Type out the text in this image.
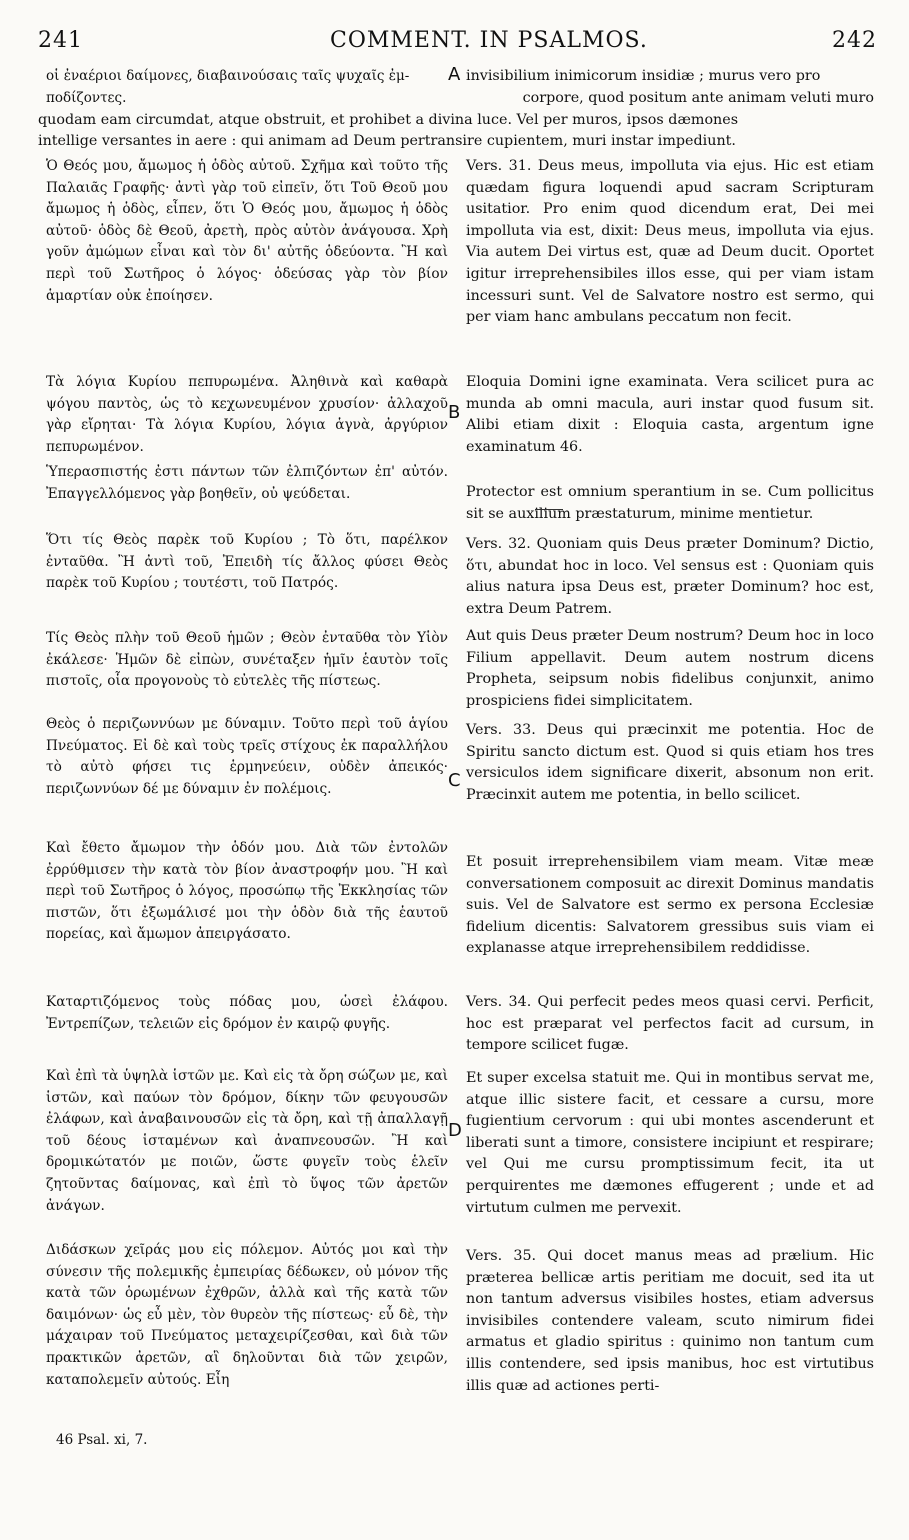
241	COMMENT. IN PSALMOS.	242
οἱ ἐναέριοι δαίμονες, διαβαινούσαις ταῖς ψυχαῖς ἐμ-	A invisibilium inimicorum insidiæ ; murus vero pro
ποδίζοντες.	corpore, quod positum ante animam veluti muro
quodam eam circumdat, atque obstruit, et prohibet a divina luce. Vel per muros, ipsos dæmones
intellige versantes in aere : qui animam ad Deum pertransire cupientem, muri instar impediunt.

Ὁ Θεός μου, ἄμωμος ἡ ὁδὸς αὐτοῦ. Σχῆμα καὶ τοῦτο τῆς Παλαιᾶς Γραφῆς· ἀντὶ γὰρ τοῦ εἰπεῖν, ὅτι Τοῦ Θεοῦ μου ἄμωμος ἡ ὁδὸς, εἶπεν, ὅτι Ὁ Θεός μου, ἄμωμος ἡ ὁδὸς αὐτοῦ· ὁδὸς δὲ Θεοῦ, ἀρετὴ, πρὸς αὐτὸν ἀνάγουσα. Χρὴ γοῦν ἀμώμων εἶναι καὶ τὸν δι' αὐτῆς ὁδεύοντα. Ἢ καὶ περὶ τοῦ Σωτῆρος ὁ λόγος· ὁδεύσας γὰρ τὸν βίον ἁμαρτίαν οὐκ ἐποίησεν.

Τὰ λόγια Κυρίου πεπυρωμένα. Ἀληθινὰ καὶ καθαρὰ ψόγου παντὸς, ὡς τὸ κεχωνευμένον χρυσίον· ἀλλαχοῦ γὰρ εἴρηται· Τὰ λόγια Κυρίου, λόγια ἁγνὰ, ἀργύριον πεπυρωμένον.

Ὑπερασπιστής ἐστι πάντων τῶν ἐλπιζόντων ἐπ' αὐτόν. Ἐπαγγελλόμενος γὰρ βοηθεῖν, οὐ ψεύδεται.

Ὅτι τίς Θεὸς παρὲκ τοῦ Κυρίου ; Τὸ ὅτι, παρέλκον ἐνταῦθα. Ἢ ἀντὶ τοῦ, Ἐπειδὴ τίς ἄλλος φύσει Θεὸς παρὲκ τοῦ Κυρίου ; τουτέστι, τοῦ Πατρός.

Τίς Θεὸς πλὴν τοῦ Θεοῦ ἡμῶν ; Θεὸν ἐνταῦθα τὸν Υἱὸν ἐκάλεσε· Ἡμῶν δὲ εἰπὼν, συνέταξεν ἡμῖν ἑαυτὸν τοῖς πιστοῖς, οἷα προγονοὺς τὸ εὐτελὲς τῆς πίστεως.

Θεὸς ὁ περιζωννύων με δύναμιν. Τοῦτο περὶ τοῦ ἁγίου Πνεύματος. Εἰ δὲ καὶ τοὺς τρεῖς στίχους ἐκ παραλλήλου τὸ αὐτὸ φήσει τις ἑρμηνεύειν, οὐδὲν ἀπεικός· περιζωννύων δέ με δύναμιν ἐν πολέμοις.

Καὶ ἔθετο ἄμωμον τὴν ὁδόν μου. Διὰ τῶν ἐντολῶν ἐρρύθμισεν τὴν κατὰ τὸν βίον ἀναστροφήν μου. Ἢ καὶ περὶ τοῦ Σωτῆρος ὁ λόγος, προσώπῳ τῆς Ἐκκλησίας τῶν πιστῶν, ὅτι ἐξωμάλισέ μοι τὴν ὁδὸν διὰ τῆς ἑαυτοῦ πορείας, καὶ ἄμωμον ἀπειργάσατο.

Καταρτιζόμενος τοὺς πόδας μου, ὡσεὶ ἐλάφου. Ἐντρεπίζων, τελειῶν εἰς δρόμον ἐν καιρῷ φυγῆς.

Καὶ ἐπὶ τὰ ὑψηλὰ ἱστῶν με. Καὶ εἰς τὰ ὄρη σώζων με, καὶ ἱστῶν, καὶ παύων τὸν δρόμον, δίκην τῶν φευγουσῶν ἐλάφων, καὶ ἀναβαινουσῶν εἰς τὰ ὄρη, καὶ τῇ ἀπαλλαγῇ τοῦ δέους ἱσταμένων καὶ ἀναπνεουσῶν. Ἢ καὶ δρομικώτατόν με ποιῶν, ὥστε φυγεῖν τοὺς ἑλεῖν ζητοῦντας δαίμονας, καὶ ἐπὶ τὸ ὕψος τῶν ἀρετῶν ἀνάγων.

Διδάσκων χεῖράς μου εἰς πόλεμον. Αὐτός μοι καὶ τὴν σύνεσιν τῆς πολεμικῆς ἐμπειρίας δέδωκεν, οὐ μόνον τῆς κατὰ τῶν ὁρωμένων ἐχθρῶν, ἀλλὰ καὶ τῆς κατὰ τῶν δαιμόνων· ὡς εὖ μὲν, τὸν θυρεὸν τῆς πίστεως· εὖ δὲ, τὴν μάχαιραν τοῦ Πνεύματος μεταχειρίζεσθαι, καὶ διὰ τῶν πρακτικῶν ἀρετῶν, αἳ δηλοῦνται διὰ τῶν χειρῶν, καταπολεμεῖν αὐτούς. Εἶη

B
C
D

Vers. 31. Deus meus, impolluta via ejus. Hic est etiam quædam figura loquendi apud sacram Scripturam usitatior. Pro enim quod dicendum erat, Dei mei impolluta via est, dixit: Deus meus, impolluta via ejus. Via autem Dei virtus est, quæ ad Deum ducit. Oportet igitur irreprehensibiles illos esse, qui per viam istam incessuri sunt. Vel de Salvatore nostro est sermo, qui per viam hanc ambulans peccatum non fecit.

Eloquia Domini igne examinata. Vera scilicet pura ac munda ab omni macula, auri instar quod fusum sit. Alibi etiam dixit : Eloquia casta, argentum igne examinatum 46.

Protector est omnium sperantium in se. Cum pollicitus sit se auxilium præstaturum, minime mentietur.

Vers. 32. Quoniam quis Deus præter Dominum? Dictio, ὅτι, abundat hoc in loco. Vel sensus est : Quoniam quis alius natura ipsa Deus est, præter Dominum? hoc est, extra Deum Patrem.

Aut quis Deus præter Deum nostrum? Deum hoc in loco Filium appellavit. Deum autem nostrum dicens Propheta, seipsum nobis fidelibus conjunxit, animo prospiciens fidei simplicitatem.

Vers. 33. Deus qui præcinxit me potentia. Hoc de Spiritu sancto dictum est. Quod si quis etiam hos tres versiculos idem significare dixerit, absonum non erit. Præcinxit autem me potentia, in bello scilicet.

Et posuit irreprehensibilem viam meam. Vitæ meæ conversationem composuit ac direxit Dominus mandatis suis. Vel de Salvatore est sermo ex persona Ecclesiæ fidelium dicentis: Salvatorem gressibus suis viam ei explanasse atque irreprehensibilem reddidisse.

Vers. 34. Qui perfecit pedes meos quasi cervi. Perficit, hoc est præparat vel perfectos facit ad cursum, in tempore scilicet fugæ.

Et super excelsa statuit me. Qui in montibus servat me, atque illic sistere facit, et cessare a cursu, more fugientium cervorum : qui ubi montes ascenderunt et liberati sunt a timore, consistere incipiunt et respirare; vel Qui me cursu promptissimum fecit, ita ut perquirentes me dæmones effugerent ; unde et ad virtutum culmen me pervexit.

Vers. 35. Qui docet manus meas ad prælium. Hic præterea bellicæ artis peritiam me docuit, sed ita ut non tantum adversus visibiles hostes, etiam adversus invisibiles contendere valeam, scuto nimirum fidei armatus et gladio spiritus : quinimo non tantum cum illis contendere, sed ipsis manibus, hoc est virtutibus illis quæ ad actiones perti-

46 Psal. xi, 7.
